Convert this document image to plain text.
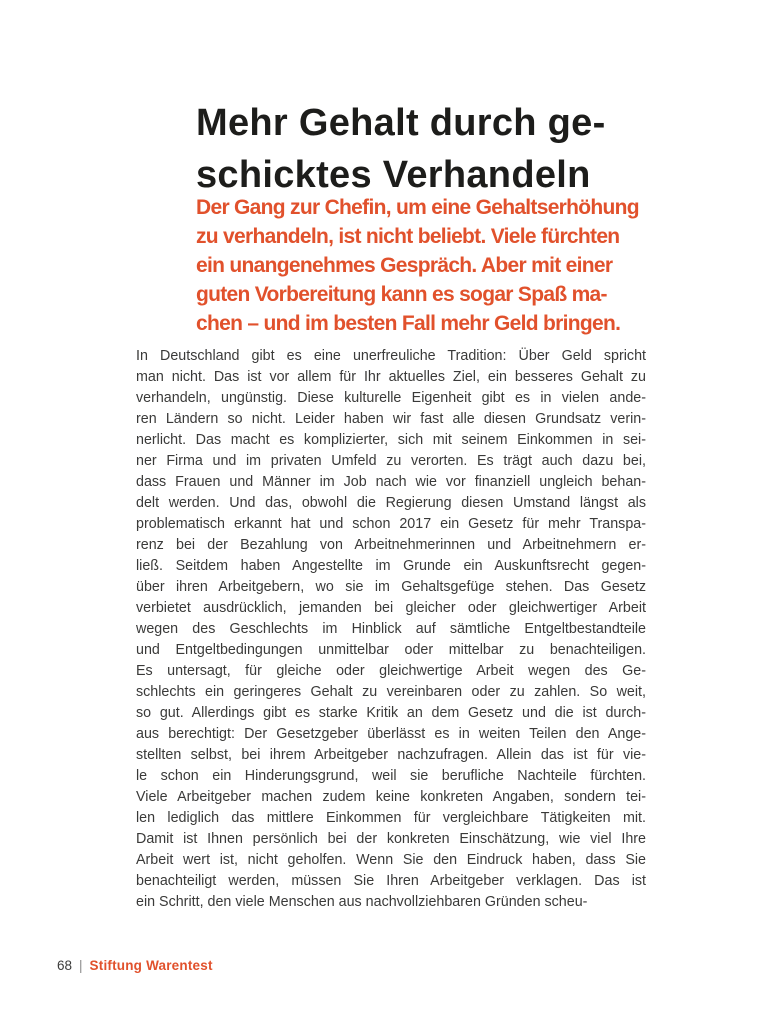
Mehr Gehalt durch ge-
schicktes Verhandeln
Der Gang zur Chefin, um eine Gehaltserhöhung
zu verhandeln, ist nicht beliebt. Viele fürchten
ein unangenehmes Gespräch. Aber mit einer
guten Vorbereitung kann es sogar Spaß ma-
chen – und im besten Fall mehr Geld bringen.
In Deutschland gibt es eine unerfreuliche Tradition: Über Geld spricht
man nicht. Das ist vor allem für Ihr aktuelles Ziel, ein besseres Gehalt zu
verhandeln, ungünstig. Diese kulturelle Eigenheit gibt es in vielen ande-
ren Ländern so nicht. Leider haben wir fast alle diesen Grundsatz verin-
nerlicht. Das macht es komplizierter, sich mit seinem Einkommen in sei-
ner Firma und im privaten Umfeld zu verorten. Es trägt auch dazu bei,
dass Frauen und Männer im Job nach wie vor finanziell ungleich behan-
delt werden. Und das, obwohl die Regierung diesen Umstand längst als
problematisch erkannt hat und schon 2017 ein Gesetz für mehr Transpa-
renz bei der Bezahlung von Arbeitnehmerinnen und Arbeitnehmern er-
ließ. Seitdem haben Angestellte im Grunde ein Auskunftsrecht gegen-
über ihren Arbeitgebern, wo sie im Gehaltsgefüge stehen. Das Gesetz
verbietet ausdrücklich, jemanden bei gleicher oder gleichwertiger Arbeit
wegen des Geschlechts im Hinblick auf sämtliche Entgeltbestandteile
und Entgeltbedingungen unmittelbar oder mittelbar zu benachteiligen.
Es untersagt, für gleiche oder gleichwertige Arbeit wegen des Ge-
schlechts ein geringeres Gehalt zu vereinbaren oder zu zahlen. So weit,
so gut. Allerdings gibt es starke Kritik an dem Gesetz und die ist durch-
aus berechtigt: Der Gesetzgeber überlässt es in weiten Teilen den Ange-
stellten selbst, bei ihrem Arbeitgeber nachzufragen. Allein das ist für vie-
le schon ein Hinderungsgrund, weil sie berufliche Nachteile fürchten.
Viele Arbeitgeber machen zudem keine konkreten Angaben, sondern tei-
len lediglich das mittlere Einkommen für vergleichbare Tätigkeiten mit.
Damit ist Ihnen persönlich bei der konkreten Einschätzung, wie viel Ihre
Arbeit wert ist, nicht geholfen. Wenn Sie den Eindruck haben, dass Sie
benachteiligt werden, müssen Sie Ihren Arbeitgeber verklagen. Das ist
ein Schritt, den viele Menschen aus nachvollziehbaren Gründen scheu-
68 | Stiftung Warentest
